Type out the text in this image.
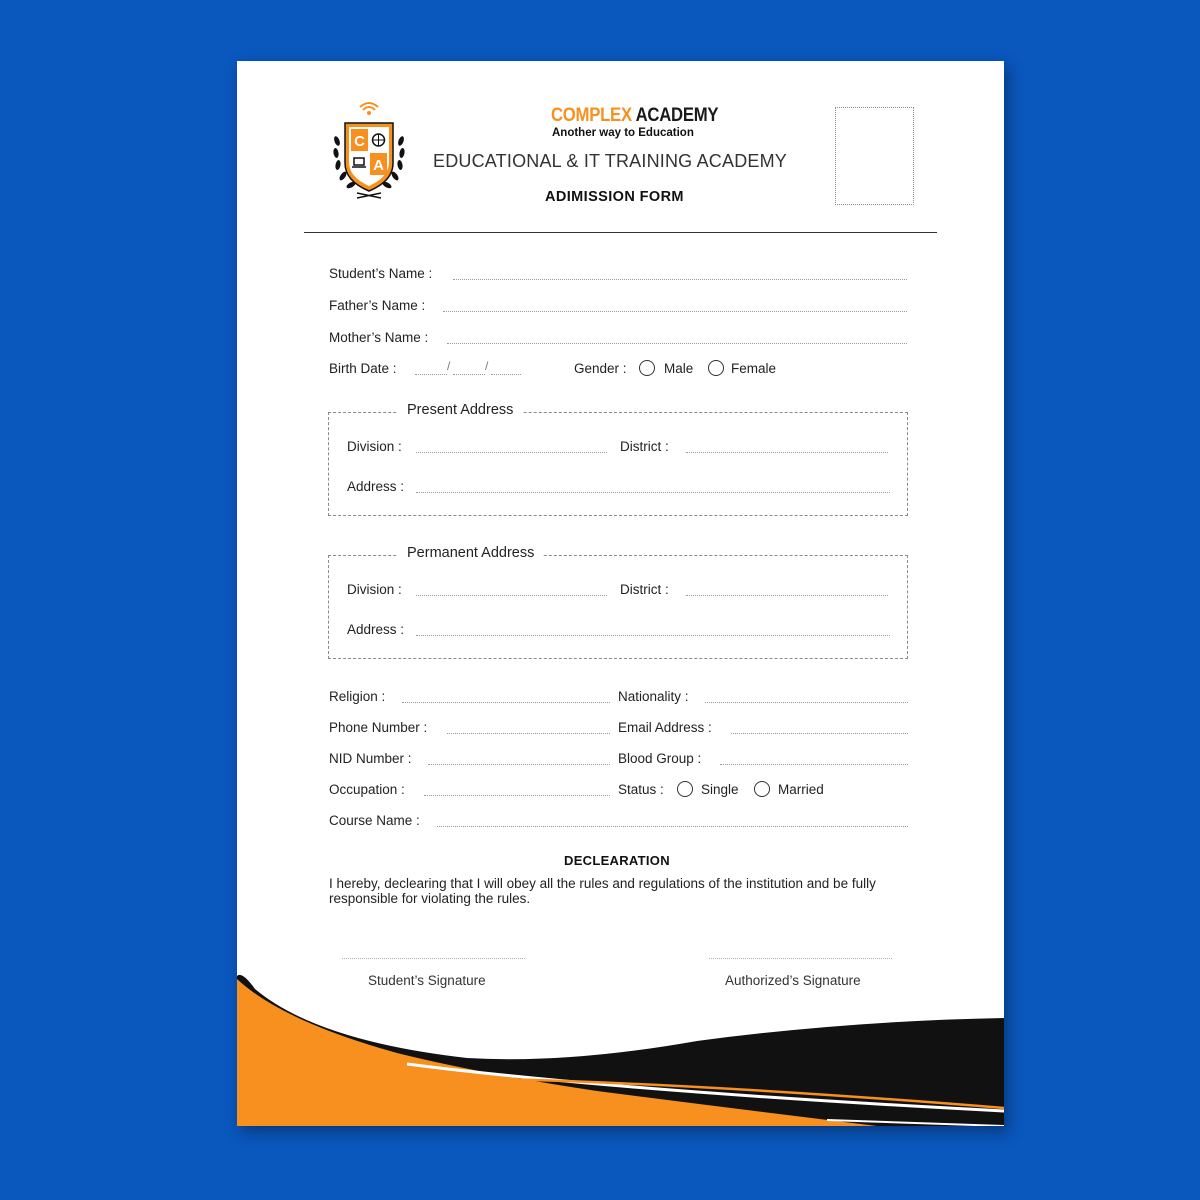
C
A
COMPLEX ACADEMY
Another way to Education
EDUCATIONAL & IT TRAINING ACADEMY
ADIMISSION FORM
Student’s Name :
Father’s Name :
Mother’s Name :
Birth Date :	/	/	Gender :	Male	Female
Present Address
Division :	District :
Address :
Permanent Address
Division :	District :
Address :
Religion :	Nationality :
Phone Number :	Email Address :
NID Number :	Blood Group :
Occupation :	Status :	Single	Married
Course Name :
DECLEARATION
I hereby, declearing that I will obey all the rules and regulations of the institution and be fully responsible for violating the rules.
Student’s Signature	Authorized’s Signature
